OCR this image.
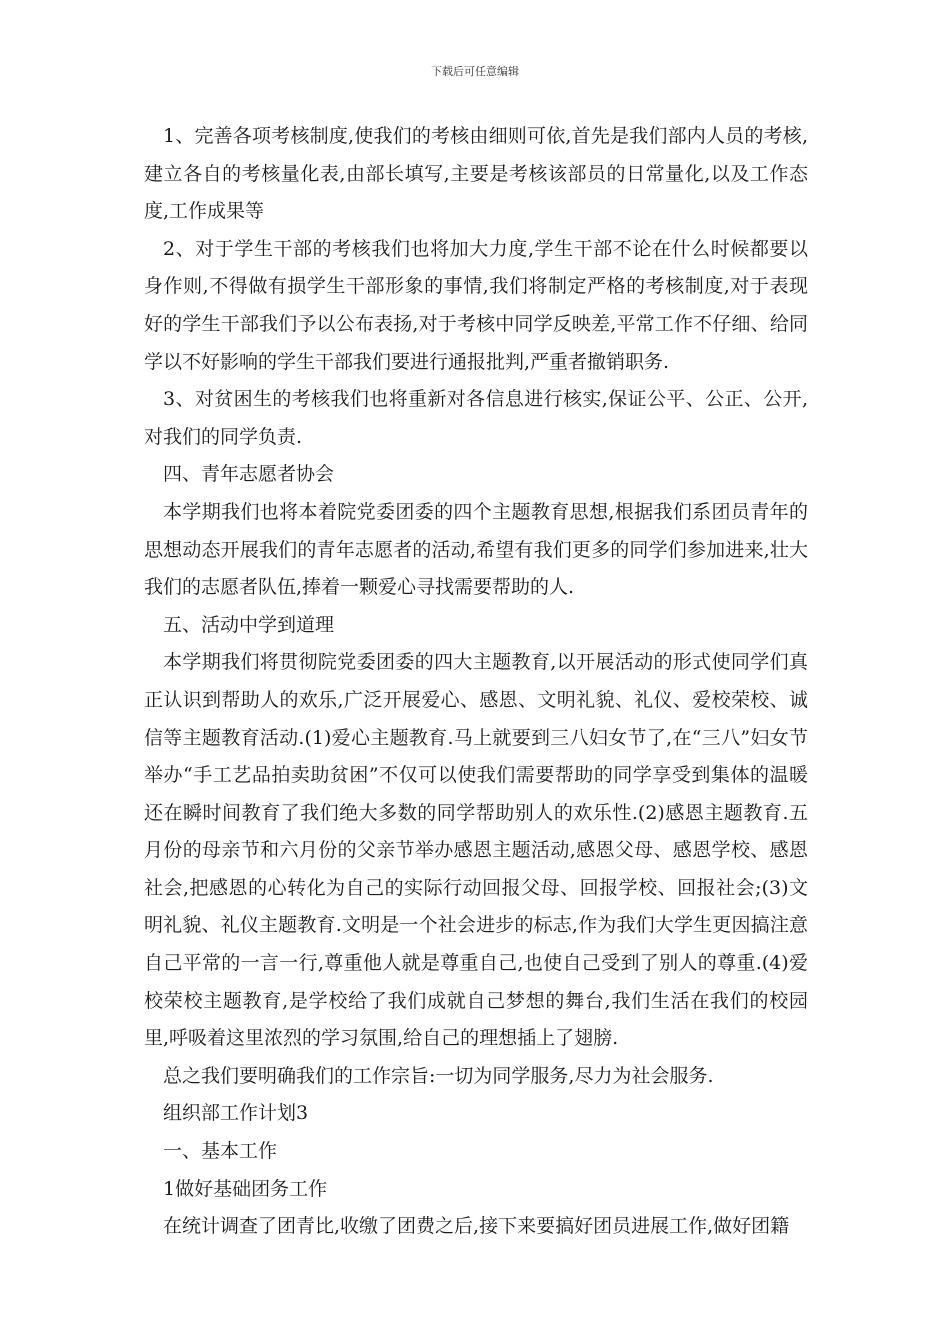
下载后可任意编辑

1、完善各项考核制度,使我们的考核由细则可依,首先是我们部内人员的考核,建立各自的考核量化表,由部长填写,主要是考核该部员的日常量化,以及工作态度,工作成果等

2、对于学生干部的考核我们也将加大力度,学生干部不论在什么时候都要以身作则,不得做有损学生干部形象的事情,我们将制定严格的考核制度,对于表现好的学生干部我们予以公布表扬,对于考核中同学反映差,平常工作不仔细、给同学以不好影响的学生干部我们要进行通报批判,严重者撤销职务.

3、对贫困生的考核我们也将重新对各信息进行核实,保证公平、公正、公开,对我们的同学负责.

四、青年志愿者协会

本学期我们也将本着院党委团委的四个主题教育思想,根据我们系团员青年的思想动态开展我们的青年志愿者的活动,希望有我们更多的同学们参加进来,壮大我们的志愿者队伍,捧着一颗爱心寻找需要帮助的人.

五、活动中学到道理

本学期我们将贯彻院党委团委的四大主题教育,以开展活动的形式使同学们真正认识到帮助人的欢乐,广泛开展爱心、感恩、文明礼貌、礼仪、爱校荣校、诚信等主题教育活动.(1)爱心主题教育.马上就要到三八妇女节了,在“三八”妇女节举办“手工艺品拍卖助贫困”不仅可以使我们需要帮助的同学享受到集体的温暖还在瞬时间教育了我们绝大多数的同学帮助别人的欢乐性.(2)感恩主题教育.五月份的母亲节和六月份的父亲节举办感恩主题活动,感恩父母、感恩学校、感恩社会,把感恩的心转化为自己的实际行动回报父母、回报学校、回报社会;(3)文明礼貌、礼仪主题教育.文明是一个社会进步的标志,作为我们大学生更因搞注意自己平常的一言一行,尊重他人就是尊重自己,也使自己受到了别人的尊重.(4)爱校荣校主题教育,是学校给了我们成就自己梦想的舞台,我们生活在我们的校园里,呼吸着这里浓烈的学习氛围,给自己的理想插上了翅膀.

总之我们要明确我们的工作宗旨:一切为同学服务,尽力为社会服务.

组织部工作计划3

一、基本工作

1做好基础团务工作

在统计调查了团青比,收缴了团费之后,接下来要搞好团员进展工作,做好团籍
